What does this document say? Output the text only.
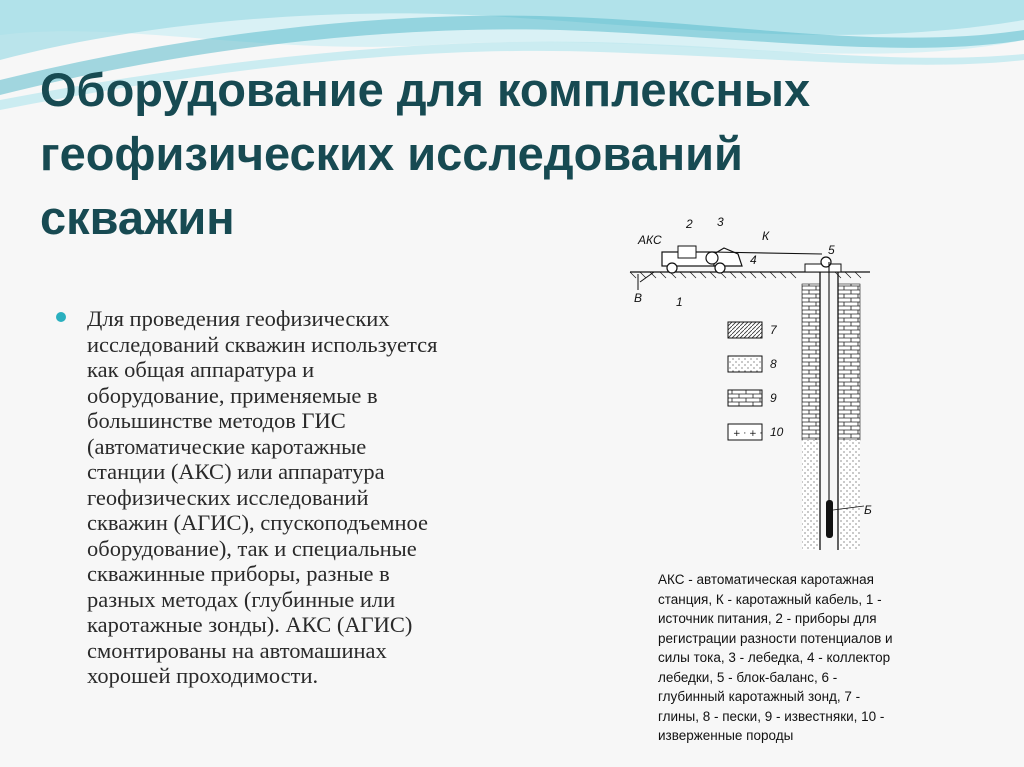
Оборудование для комплексных
геофизических исследований
скважин

Для проведения геофизических
исследований скважин используется
как общая аппаратура и
оборудование, применяемые в
большинстве методов ГИС
(автоматические каротажные
станции (АКС) или аппаратура
геофизических исследований
скважин (АГИС), спускоподъемное
оборудование), так и специальные
скважинные приборы, разные в
разных методах (глубинные или
каротажные зонды). АКС (АГИС)
смонтированы на автомашинах
хорошей проходимости.

+ · + ·
7
8
9
10
АКС
2 3
К
5
4
В	1
Б
АКС - автоматическая каротажная
станция, К - каротажный кабель, 1 -
источник питания, 2 - приборы для
регистрации разности потенциалов и
силы тока, 3 - лебедка, 4 - коллектор
лебедки, 5 - блок-баланс, 6 -
глубинный каротажный зонд, 7 -
глины, 8 - пески, 9 - известняки, 10 -
изверженные породы
